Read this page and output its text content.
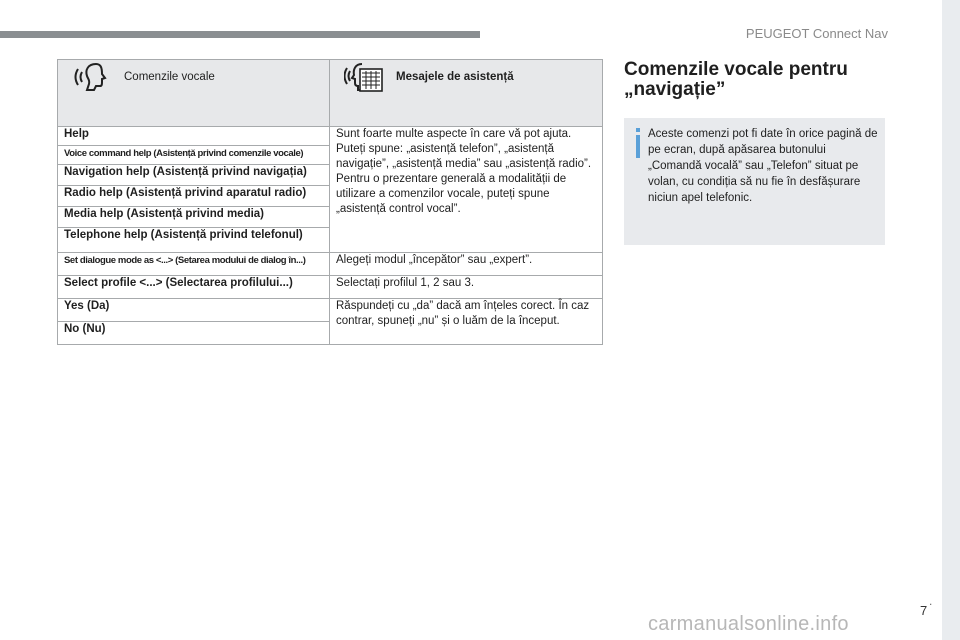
PEUGEOT Connect Nav
Comenzile vocale	Mesajele de asistență

Help	Sunt foarte multe aspecte în care vă pot ajuta. Puteți spune: „asistență telefon”, „asistență navigație”, „asistență media” sau „asistență radio”. Pentru o prezentare generală a modalității de utilizare a comenzilor vocale, puteți spune „asistență control vocal”.
Voice command help (Asistență privind comenzile vocale)	
Navigation help (Asistență privind navigația)	
Radio help (Asistență privind aparatul radio)	
Media help (Asistență privind media)	
Telephone help (Asistență privind telefonul)	
Set dialogue mode as <...> (Setarea modului de dialog în...)	Alegeți modul „începător” sau „expert”.
Select profile <...> (Selectarea profilului...)	Selectați profilul 1, 2 sau 3.
Yes (Da)	Răspundeți cu „da” dacă am înțeles corect. În caz contrar, spuneți „nu” și o luăm de la început.
No (Nu)	
Comenzile vocale pentru „navigație”
Aceste comenzi pot fi date în orice pagină de pe ecran, după apăsarea butonului „Comandă vocală” sau „Telefon” situat pe volan, cu condiția să nu fie în desfășurare niciun apel telefonic.
.
7
carmanualsonline.info
